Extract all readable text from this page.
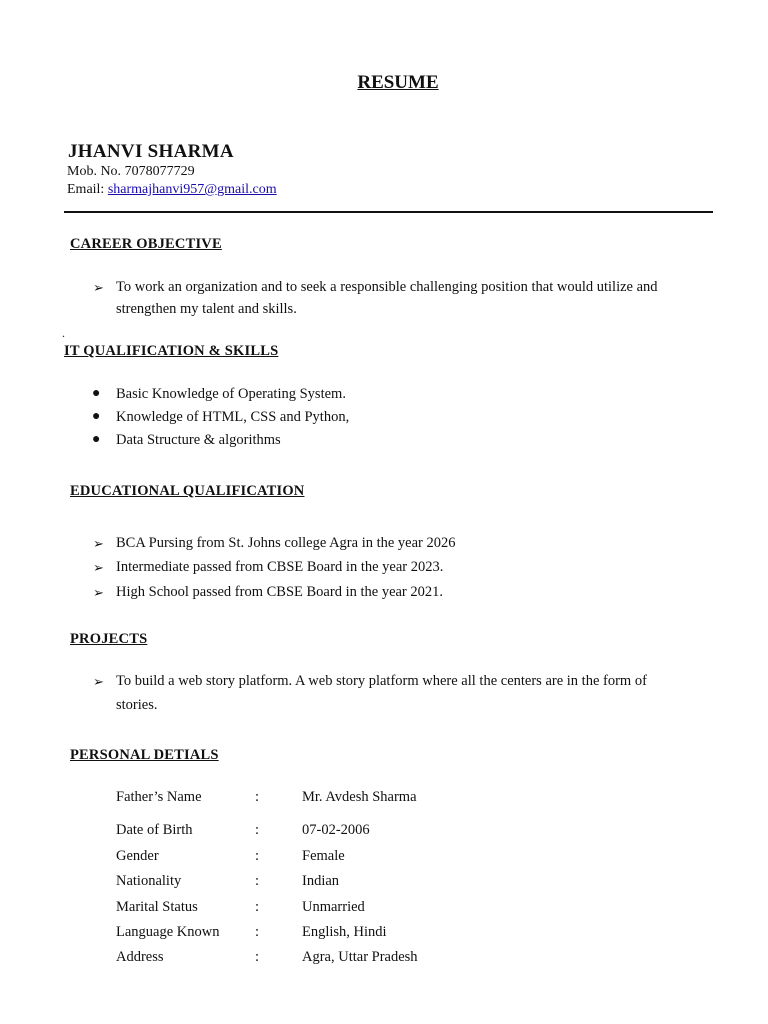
RESUME
JHANVI SHARMA
Mob. No. 7078077729
Email: sharmajhanvi957@gmail.com
CAREER OBJECTIVE
➢ To work an organization and to seek a responsible challenging position that would utilize and
strengthen my talent and skills.
.
IT QUALIFICATION & SKILLS
● Basic Knowledge of Operating System.
● Knowledge of HTML, CSS and Python,
● Data Structure & algorithms
EDUCATIONAL QUALIFICATION
➢ BCA Pursing from St. Johns college Agra in the year 2026
➢ Intermediate passed from CBSE Board in the year 2023.
➢ High School passed from CBSE Board in the year 2021.
PROJECTS
➢ To build a web story platform. A web story platform where all the centers are in the form of
stories.
PERSONAL DETIALS
Father’s Name	:	Mr. Avdesh Sharma
Date of Birth	:	07-02-2006
Gender	:	Female
Nationality	:	Indian
Marital Status	:	Unmarried
Language Known :	English, Hindi
Address	:	Agra, Uttar Pradesh
